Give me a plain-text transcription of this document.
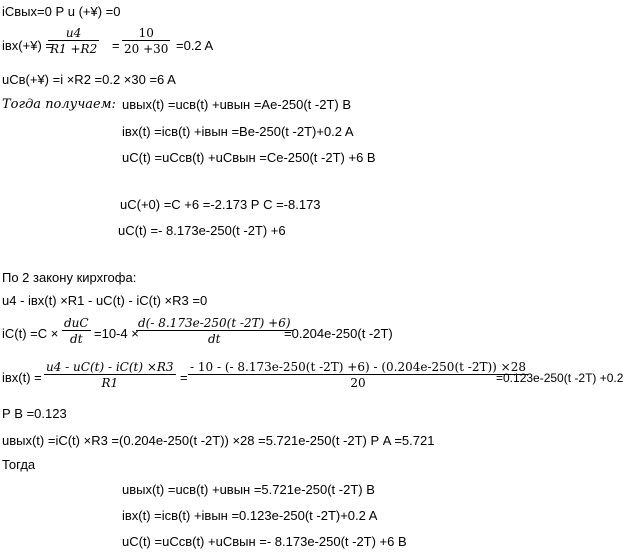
iСвых=0 Р u (+¥) =0
iвх(+¥) =
$\frac{u4}{R1 +R2} = \frac{10}{20 +30} =0.2$ A
uCв(+¥) =i ×R2 =0.2 ×30 =6 A
Тогда получаем: uвых(t) =uсв(t) +uвын =Ae-250(t -2T) B
iвх(t) =iсв(t) +iвын =Be-250(t -2T)+0.2 A
uC(t) =uCсв(t) +uCвын =Ce-250(t -2T) +6 B
uC(+0) =C +6 =-2.173 Р C =-8.173
uC(t) =- 8.173e-250(t -2T) +6
По 2 закону кирхгофа:
u4 - iвх(t) ×R1 - uC(t) - iC(t) ×R3 =0
iC(t) =C ×
duC
dt =10-4 ×
$\frac{d(- 8.173e-250(t -2T) +6)}{dt}$
=0.204e-250(t -2T)
$iвх(t) = \frac{u4 - uC(t) - iC(t) \times R3}{R1} = \frac{- 10 - (- 8.173e-250(t -2T) +6) - (0.204e-250(t -2T)) \times 28}{20}$
=0.123e-250(t -2T) +0.2
Р B =0.123
uвых(t) =iC(t) ×R3 =(0.204e-250(t -2T)) ×28 =5.721e-250(t -2T) Р A =5.721
Тогда
uвых(t) =uсв(t) +uвын =5.721e-250(t -2T) B
iвх(t) =iсв(t) +iвын =0.123e-250(t -2T)+0.2 A
uC(t) =uCсв(t) +uCвын =- 8.173e-250(t -2T) +6 B
